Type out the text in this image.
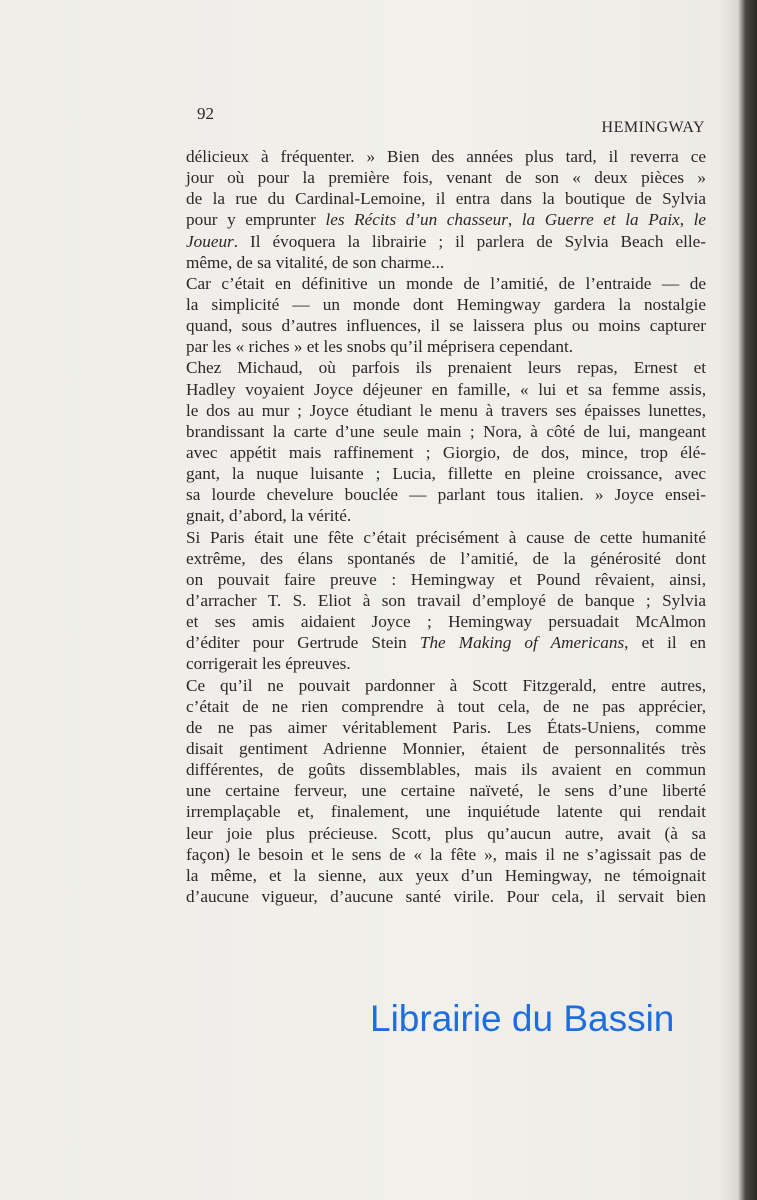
92
HEMINGWAY
délicieux à fréquenter. » Bien des années plus tard, il reverra ce
jour où pour la première fois, venant de son « deux pièces »
de la rue du Cardinal-Lemoine, il entra dans la boutique de Sylvia
pour y emprunter les Récits d’un chasseur, la Guerre et la Paix, le
Joueur. Il évoquera la librairie ; il parlera de Sylvia Beach elle-
même, de sa vitalité, de son charme...
Car c’était en définitive un monde de l’amitié, de l’entraide — de
la simplicité — un monde dont Hemingway gardera la nostalgie
quand, sous d’autres influences, il se laissera plus ou moins capturer
par les « riches » et les snobs qu’il méprisera cependant.
Chez Michaud, où parfois ils prenaient leurs repas, Ernest et
Hadley voyaient Joyce déjeuner en famille, « lui et sa femme assis,
le dos au mur ; Joyce étudiant le menu à travers ses épaisses lunettes,
brandissant la carte d’une seule main ; Nora, à côté de lui, mangeant
avec appétit mais raffinement ; Giorgio, de dos, mince, trop élé-
gant, la nuque luisante ; Lucia, fillette en pleine croissance, avec
sa lourde chevelure bouclée — parlant tous italien. » Joyce ensei-
gnait, d’abord, la vérité.
Si Paris était une fête c’était précisément à cause de cette humanité
extrême, des élans spontanés de l’amitié, de la générosité dont
on pouvait faire preuve : Hemingway et Pound rêvaient, ainsi,
d’arracher T. S. Eliot à son travail d’employé de banque ; Sylvia
et ses amis aidaient Joyce ; Hemingway persuadait McAlmon
d’éditer pour Gertrude Stein The Making of Americans, et il en
corrigerait les épreuves.
Ce qu’il ne pouvait pardonner à Scott Fitzgerald, entre autres,
c’était de ne rien comprendre à tout cela, de ne pas apprécier,
de ne pas aimer véritablement Paris. Les États-Uniens, comme
disait gentiment Adrienne Monnier, étaient de personnalités très
différentes, de goûts dissemblables, mais ils avaient en commun
une certaine ferveur, une certaine naïveté, le sens d’une liberté
irremplaçable et, finalement, une inquiétude latente qui rendait
leur joie plus précieuse. Scott, plus qu’aucun autre, avait (à sa
façon) le besoin et le sens de « la fête », mais il ne s’agissait pas de
la même, et la sienne, aux yeux d’un Hemingway, ne témoignait
d’aucune vigueur, d’aucune santé virile. Pour cela, il servait bien
Librairie du Bassin
